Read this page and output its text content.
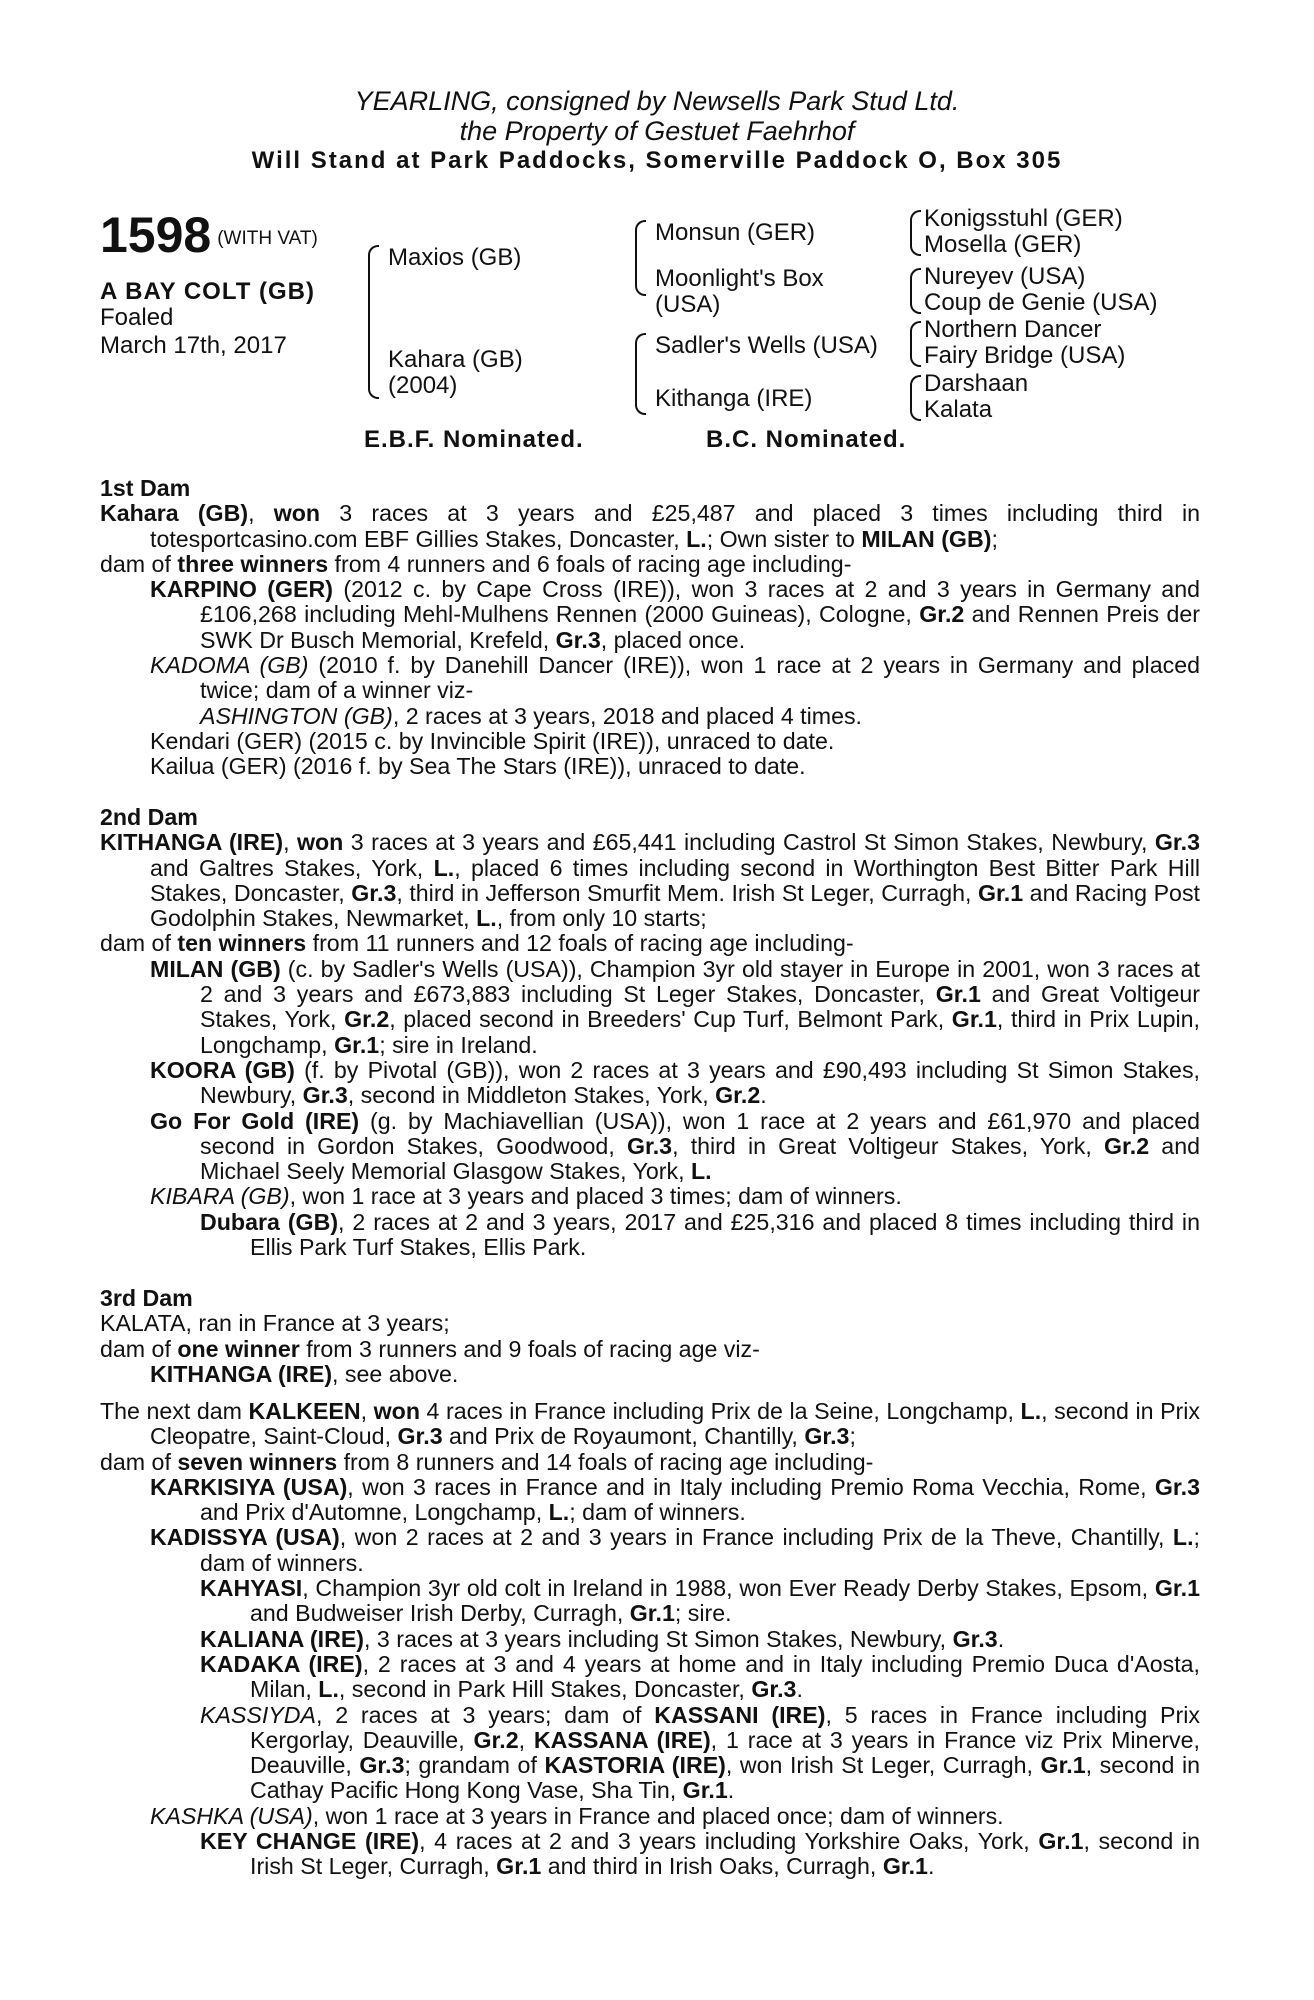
YEARLING, consigned by Newsells Park Stud Ltd.
the Property of Gestuet Faehrhof
Will Stand at Park Paddocks, Somerville Paddock O, Box 305
1598 (WITH VAT)
A BAY COLT (GB)
Foaled
March 17th, 2017
Maxios (GB)
Kahara (GB)
(2004)
Monsun (GER)
Moonlight's Box
(USA)
Sadler's Wells (USA)
Kithanga (IRE)
Konigsstuhl (GER)
Mosella (GER)
Nureyev (USA)
Coup de Genie (USA)
Northern Dancer
Fairy Bridge (USA)
Darshaan
Kalata
E.B.F. Nominated.	B.C. Nominated.

1st Dam

Kahara (GB), won 3 races at 3 years and £25,487 and placed 3 times including third in totesportcasino.com EBF Gillies Stakes, Doncaster, L.; Own sister to MILAN (GB);

dam of three winners from 4 runners and 6 foals of racing age including-

KARPINO (GER) (2012 c. by Cape Cross (IRE)), won 3 races at 2 and 3 years in Germany and £106,268 including Mehl-Mulhens Rennen (2000 Guineas), Cologne, Gr.2 and Rennen Preis der SWK Dr Busch Memorial, Krefeld, Gr.3, placed once.

KADOMA (GB) (2010 f. by Danehill Dancer (IRE)), won 1 race at 2 years in Germany and placed twice; dam of a winner viz-

ASHINGTON (GB), 2 races at 3 years, 2018 and placed 4 times.

Kendari (GER) (2015 c. by Invincible Spirit (IRE)), unraced to date.

Kailua (GER) (2016 f. by Sea The Stars (IRE)), unraced to date.

2nd Dam

KITHANGA (IRE), won 3 races at 3 years and £65,441 including Castrol St Simon Stakes, Newbury, Gr.3 and Galtres Stakes, York, L., placed 6 times including second in Worthington Best Bitter Park Hill Stakes, Doncaster, Gr.3, third in Jefferson Smurfit Mem. Irish St Leger, Curragh, Gr.1 and Racing Post Godolphin Stakes, Newmarket, L., from only 10 starts;

dam of ten winners from 11 runners and 12 foals of racing age including-

MILAN (GB) (c. by Sadler's Wells (USA)), Champion 3yr old stayer in Europe in 2001, won 3 races at 2 and 3 years and £673,883 including St Leger Stakes, Doncaster, Gr.1 and Great Voltigeur Stakes, York, Gr.2, placed second in Breeders' Cup Turf, Belmont Park, Gr.1, third in Prix Lupin, Longchamp, Gr.1; sire in Ireland.

KOORA (GB) (f. by Pivotal (GB)), won 2 races at 3 years and £90,493 including St Simon Stakes, Newbury, Gr.3, second in Middleton Stakes, York, Gr.2.

Go For Gold (IRE) (g. by Machiavellian (USA)), won 1 race at 2 years and £61,970 and placed second in Gordon Stakes, Goodwood, Gr.3, third in Great Voltigeur Stakes, York, Gr.2 and Michael Seely Memorial Glasgow Stakes, York, L.

KIBARA (GB), won 1 race at 3 years and placed 3 times; dam of winners.

Dubara (GB), 2 races at 2 and 3 years, 2017 and £25,316 and placed 8 times including third in Ellis Park Turf Stakes, Ellis Park.

3rd Dam

KALATA, ran in France at 3 years;

dam of one winner from 3 runners and 9 foals of racing age viz-

KITHANGA (IRE), see above.

The next dam KALKEEN, won 4 races in France including Prix de la Seine, Longchamp, L., second in Prix Cleopatre, Saint-Cloud, Gr.3 and Prix de Royaumont, Chantilly, Gr.3;

dam of seven winners from 8 runners and 14 foals of racing age including-

KARKISIYA (USA), won 3 races in France and in Italy including Premio Roma Vecchia, Rome, Gr.3 and Prix d'Automne, Longchamp, L.; dam of winners.

KADISSYA (USA), won 2 races at 2 and 3 years in France including Prix de la Theve, Chantilly, L.; dam of winners.

KAHYASI, Champion 3yr old colt in Ireland in 1988, won Ever Ready Derby Stakes, Epsom, Gr.1 and Budweiser Irish Derby, Curragh, Gr.1; sire.

KALIANA (IRE), 3 races at 3 years including St Simon Stakes, Newbury, Gr.3.

KADAKA (IRE), 2 races at 3 and 4 years at home and in Italy including Premio Duca d'Aosta, Milan, L., second in Park Hill Stakes, Doncaster, Gr.3.

KASSIYDA, 2 races at 3 years; dam of KASSANI (IRE), 5 races in France including Prix Kergorlay, Deauville, Gr.2, KASSANA (IRE), 1 race at 3 years in France viz Prix Minerve, Deauville, Gr.3; grandam of KASTORIA (IRE), won Irish St Leger, Curragh, Gr.1, second in Cathay Pacific Hong Kong Vase, Sha Tin, Gr.1.

KASHKA (USA), won 1 race at 3 years in France and placed once; dam of winners.

KEY CHANGE (IRE), 4 races at 2 and 3 years including Yorkshire Oaks, York, Gr.1, second in Irish St Leger, Curragh, Gr.1 and third in Irish Oaks, Curragh, Gr.1.
